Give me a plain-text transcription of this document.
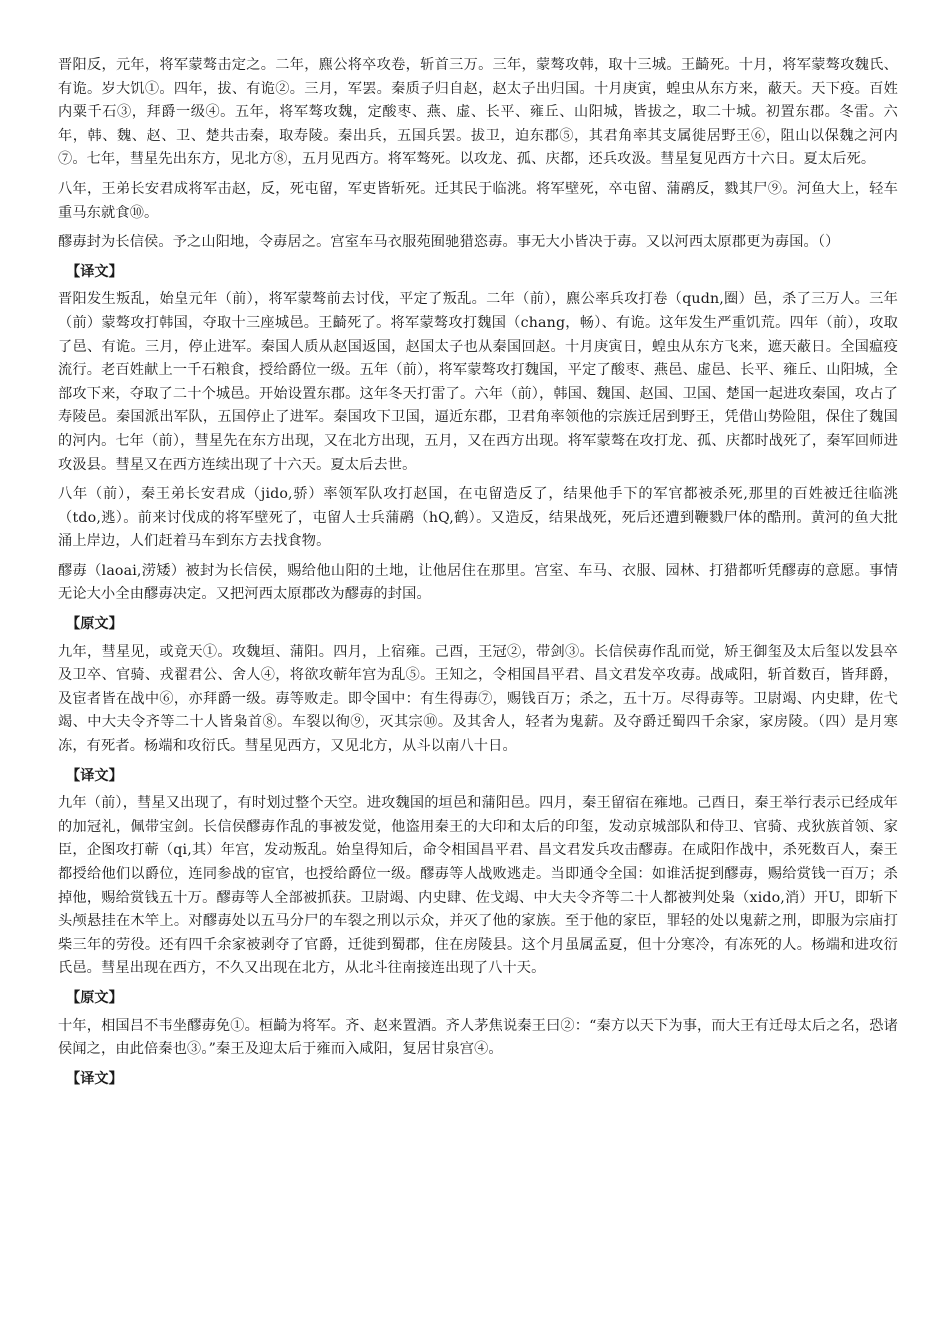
晋阳反，元年，将军蒙骜击定之。二年，麃公将卒攻卷，斩首三万。三年，蒙骜攻韩，取十三城。王齮死。十月，将军蒙骜攻魏氏、有诡。岁大饥①。四年，拔、有诡②。三月，军罢。秦质子归自赵，赵太子出归国。十月庚寅，蝗虫从东方来，蔽天。天下疫。百姓内粟千石③，拜爵一级④。五年，将军骜攻魏，定酸枣、燕、虚、长平、雍丘、山阳城，皆拔之，取二十城。初置东郡。冬雷。六年，韩、魏、赵、卫、楚共击秦，取寿陵。秦出兵，五国兵罢。拔卫，迫东郡⑤，其君角率其支属徙居野王⑥，阻山以保魏之河内⑦。七年，彗星先出东方，见北方⑧，五月见西方。将军骜死。以攻龙、孤、庆都，还兵攻汲。彗星复见西方十六日。夏太后死。

八年，王弟长安君成将军击赵，反，死屯留，军吏皆斩死。迁其民于临洮。将军壁死，卒屯留、蒲鹝反，戮其尸⑨。河鱼大上，轻车重马东就食⑩。

醪毐封为长信侯。予之山阳地，令毐居之。宫室车马衣服苑囿驰猎恣毐。事无大小皆决于毐。又以河西太原郡更为毐国。（）

【译文】

晋阳发生叛乱，始皇元年（前），将军蒙骜前去讨伐，平定了叛乱。二年（前），麃公率兵攻打卷（qudn,圈）邑，杀了三万人。三年（前）蒙骜攻打韩国，夺取十三座城邑。王齮死了。将军蒙骜攻打魏国（chang，畅）、有诡。这年发生严重饥荒。四年（前），攻取了邑、有诡。三月，停止进军。秦国人质从赵国返国，赵国太子也从秦国回赵。十月庚寅日，蝗虫从东方飞来，遮天蔽日。全国瘟疫流行。老百姓献上一千石粮食，授给爵位一级。五年（前），将军蒙骜攻打魏国，平定了酸枣、燕邑、虚邑、长平、雍丘、山阳城，全部攻下来，夺取了二十个城邑。开始设置东郡。这年冬天打雷了。六年（前），韩国、魏国、赵国、卫国、楚国一起进攻秦国，攻占了寿陵邑。秦国派出军队，五国停止了进军。秦国攻下卫国，逼近东郡，卫君角率领他的宗族迁居到野王，凭借山势险阻，保住了魏国的河内。七年（前），彗星先在东方出现，又在北方出现，五月，又在西方出现。将军蒙骜在攻打龙、孤、庆都时战死了，秦军回师进攻汲县。彗星又在西方连续出现了十六天。夏太后去世。

八年（前），秦王弟长安君成（jido,骄）率领军队攻打赵国，在屯留造反了，结果他手下的军官都被杀死,那里的百姓被迁往临洮（tdo,逃）。前来讨伐成的将军壁死了，屯留人士兵蒲鹝（hQ,鹤）。又造反，结果战死，死后还遭到鞭戮尸体的酷刑。黄河的鱼大批涌上岸边，人们赶着马车到东方去找食物。

醪毐（laoai,涝矮）被封为长信侯，赐给他山阳的土地，让他居住在那里。宫室、车马、衣服、园林、打猎都听凭醪毐的意愿。事情无论大小全由醪毐决定。又把河西太原郡改为醪毐的封国。

【原文】

九年，彗星见，或竟天①。攻魏垣、蒲阳。四月，上宿雍。己酉，王冠②，带剑③。长信侯毐作乱而觉，矫王御玺及太后玺以发县卒及卫卒、官骑、戎翟君公、舍人④，将欲攻蕲年宫为乱⑤。王知之，令相国昌平君、昌文君发卒攻毐。战咸阳，斩首数百，皆拜爵，及宦者皆在战中⑥，亦拜爵一级。毐等败走。即令国中：有生得毐⑦，赐钱百万；杀之，五十万。尽得毐等。卫尉竭、内史肆，佐弋竭、中大夫令齐等二十人皆枭首⑧。车裂以徇⑨，灭其宗⑩。及其舍人，轻者为鬼薪。及夺爵迁蜀四千余家，家房陵。（四）是月寒冻，有死者。杨端和攻衍氏。彗星见西方，又见北方，从斗以南八十日。

【译文】

九年（前），彗星又出现了，有时划过整个天空。进攻魏国的垣邑和蒲阳邑。四月，秦王留宿在雍地。己酉日，秦王举行表示已经成年的加冠礼，佩带宝剑。长信侯醪毐作乱的事被发觉，他盗用秦王的大印和太后的印玺，发动京城部队和侍卫、官骑、戎狄族首领、家臣，企图攻打蕲（qi,其）年宫，发动叛乱。始皇得知后，命令相国昌平君、昌文君发兵攻击醪毐。在咸阳作战中，杀死数百人，秦王都授给他们以爵位，连同参战的宦官，也授给爵位一级。醪毐等人战败逃走。当即通令全国：如谁活捉到醪毐，赐给赏钱一百万；杀掉他，赐给赏钱五十万。醪毐等人全部被抓获。卫尉竭、内史肆、佐戈竭、中大夫令齐等二十人都被判处枭（xido,消）开U，即斩下头颅悬挂在木竿上。对醪毐处以五马分尸的车裂之刑以示众，并灭了他的家族。至于他的家臣，罪轻的处以鬼薪之刑，即服为宗庙打柴三年的劳役。还有四千余家被剥夺了官爵，迁徙到蜀郡，住在房陵县。这个月虽属孟夏，但十分寒冷，有冻死的人。杨端和进攻衍氏邑。彗星出现在西方，不久又出现在北方，从北斗往南接连出现了八十天。

【原文】

十年，相国吕不韦坐醪毐免①。桓齮为将军。齐、赵来置酒。齐人茅焦说秦王曰②：“秦方以天下为事，而大王有迁母太后之名，恐诸侯闻之，由此倍秦也③。”秦王及迎太后于雍而入咸阳，复居甘泉宫④。

【译文】
